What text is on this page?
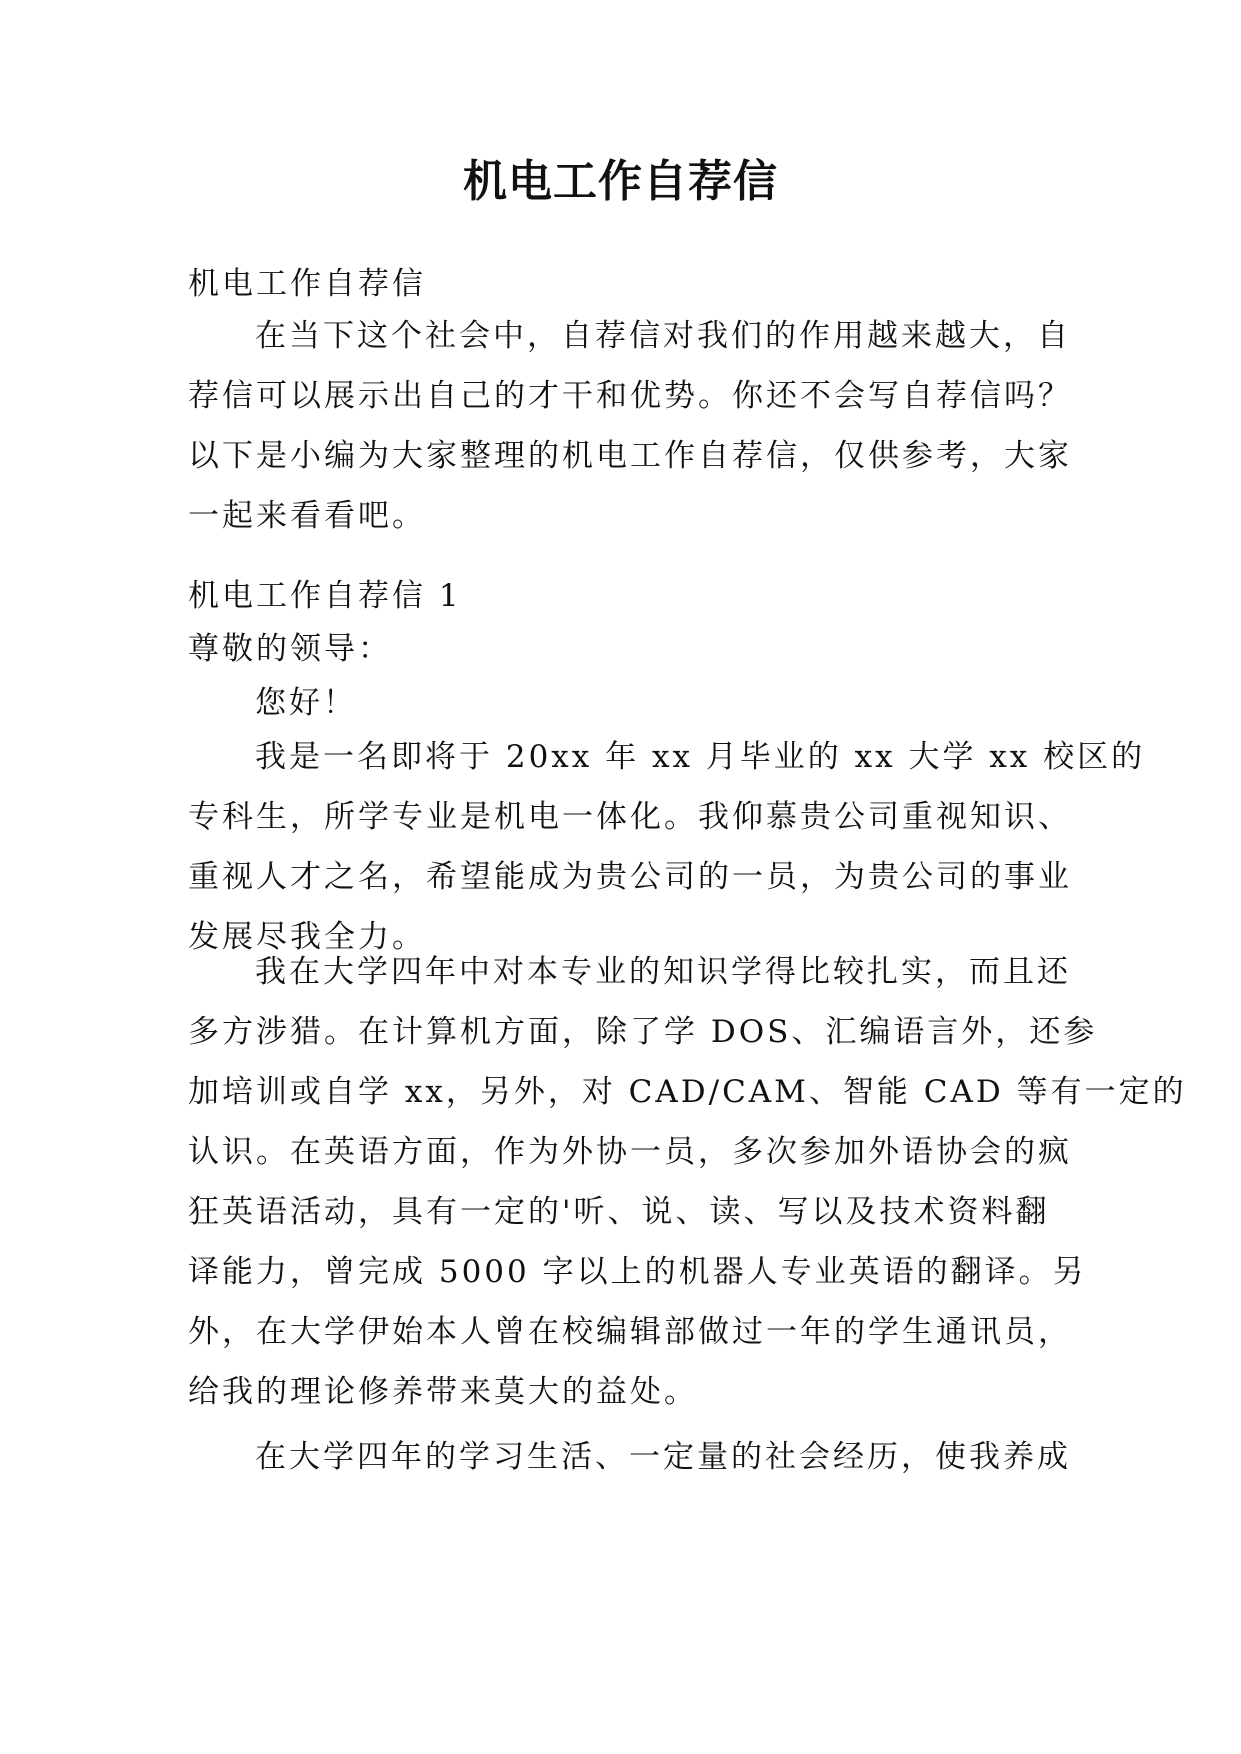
机电工作自荐信
机电工作自荐信
在当下这个社会中，自荐信对我们的作用越来越大，自
荐信可以展示出自己的才干和优势。你还不会写自荐信吗？
以下是小编为大家整理的机电工作自荐信，仅供参考，大家
一起来看看吧。
机电工作自荐信 1
尊敬的领导：
您好！
我是一名即将于 20xx 年 xx 月毕业的 xx 大学 xx 校区的
专科生，所学专业是机电一体化。我仰慕贵公司重视知识、
重视人才之名，希望能成为贵公司的一员，为贵公司的事业
发展尽我全力。
我在大学四年中对本专业的知识学得比较扎实，而且还
多方涉猎。在计算机方面，除了学 DOS、汇编语言外，还参
加培训或自学 xx，另外，对 CAD/CAM、智能 CAD 等有一定的
认识。在英语方面，作为外协一员，多次参加外语协会的疯
狂英语活动，具有一定的'听、说、读、写以及技术资料翻
译能力，曾完成 5000 字以上的机器人专业英语的翻译。另
外，在大学伊始本人曾在校编辑部做过一年的学生通讯员，
给我的理论修养带来莫大的益处。
在大学四年的学习生活、一定量的社会经历，使我养成
